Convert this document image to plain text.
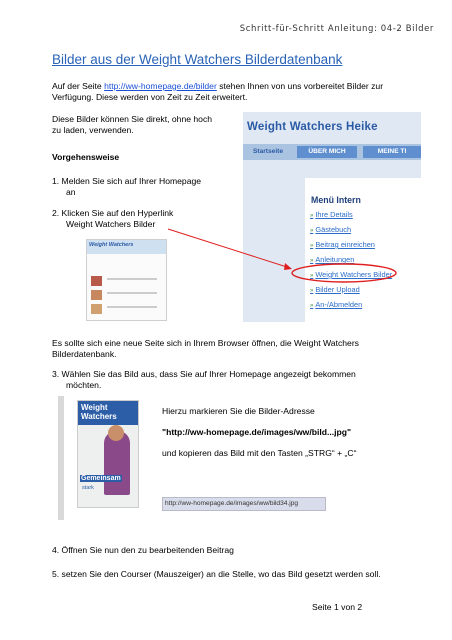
Schritt-für-Schritt Anleitung: 04-2 Bilder
Bilder aus der Weight Watchers Bilderdatenbank
Auf der Seite http://ww-homepage.de/bilder stehen Ihnen von uns vorbereitet Bilder zur
Verfügung. Diese werden von Zeit zu Zeit erweitert.
Diese Bilder können Sie direkt, ohne hoch
zu laden, verwenden.
Vorgehensweise
1. Melden Sie sich auf Ihrer Homepage
an
2. Klicken Sie auf den Hyperlink
Weight Watchers Bilder
Weight Watchers Heike
Startseite	ÜBER MICH	MEINE TI
Menü Intern
» Ihre Details
» Gästebuch
» Beitrag einreichen
» Anleitungen
» Weight Watchers Bilder
» Bilder Upload
» An-/Abmelden
Weight Watchers
Es sollte sich eine neue Seite sich in Ihrem Browser öffnen, die Weight Watchers
Bilderdatenbank.
3. Wählen Sie das Bild aus, dass Sie auf Ihrer Homepage angezeigt bekommen
möchten.
Weight
Watchers
Gemeinsam
stark
Hierzu markieren Sie die Bilder-Adresse
"http://ww-homepage.de/images/ww/bild...jpg"
und kopieren das Bild mit den Tasten „STRG“ + „C“
http://ww-homepage.de/images/ww/bild34.jpg
4. Öffnen Sie nun den zu bearbeitenden Beitrag
5. setzen Sie den Courser (Mauszeiger) an die Stelle, wo das Bild gesetzt werden soll.
Seite 1 von 2
